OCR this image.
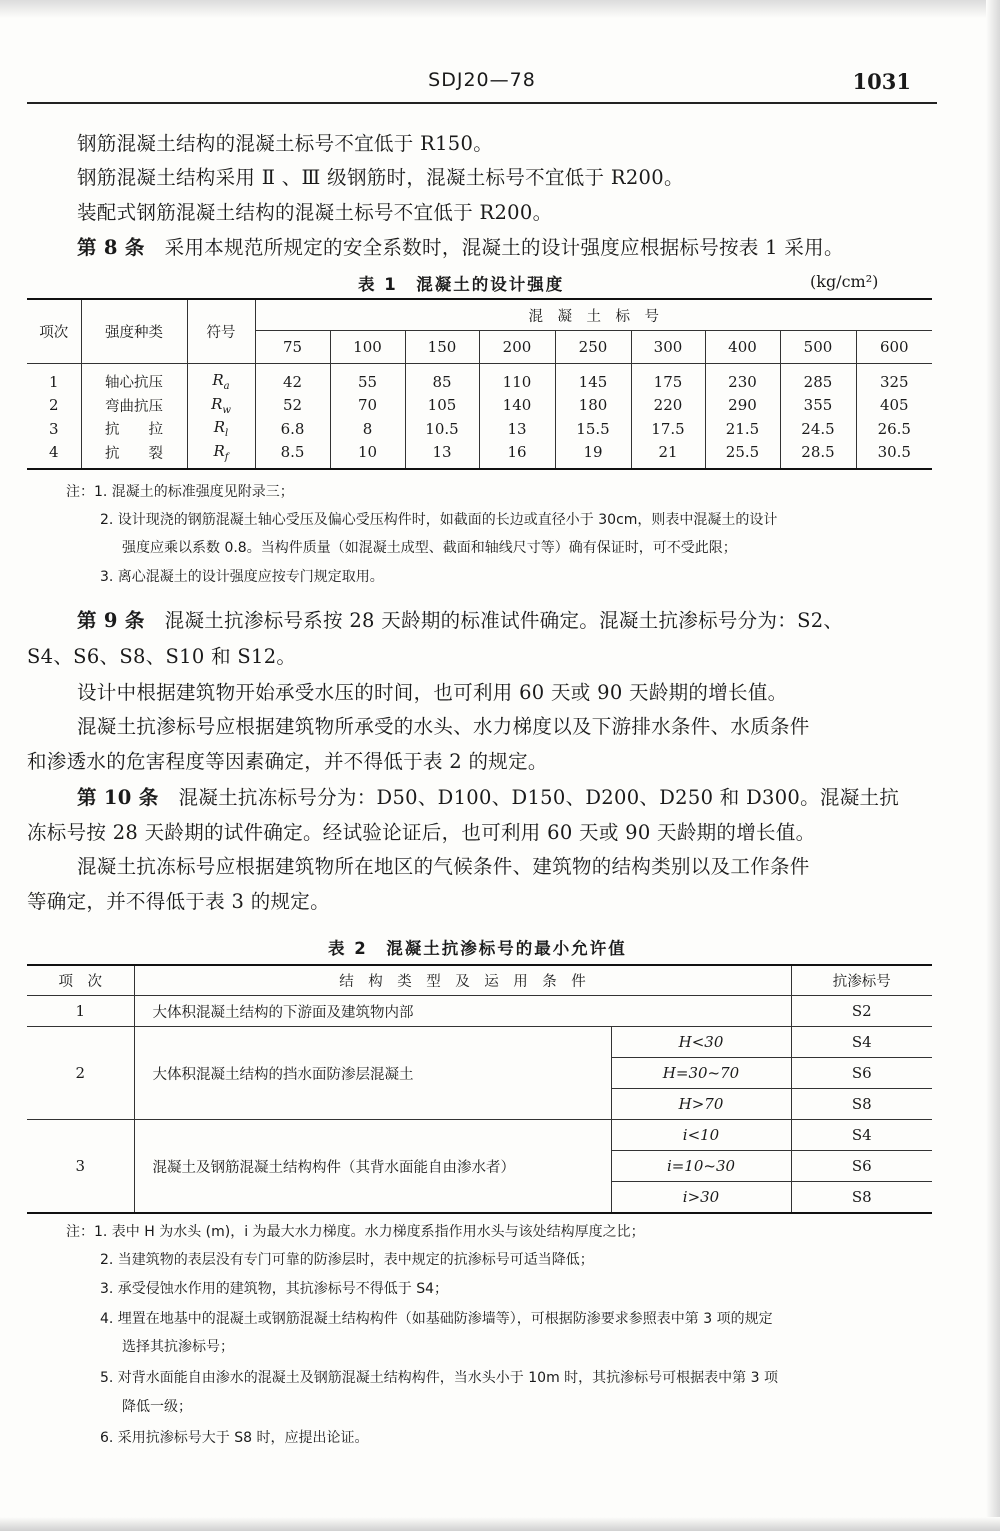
SDJ20—78	1031
钢筋混凝土结构的混凝土标号不宜低于 R150。
钢筋混凝土结构采用 Ⅱ 、Ⅲ 级钢筋时，混凝土标号不宜低于 R200。
装配式钢筋混凝土结构的混凝土标号不宜低于 R200。
第 8 条 采用本规范所规定的安全系数时，混凝土的设计强度应根据标号按表 1 采用。
表 1　混凝土的设计强度	(kg/cm²)
项次	强度种类	符号	混　凝　土　标　号								
			75	100	150	200	250	300	400	500	600
1	轴心抗压	$R_a$	42	55	85	110	145	175	230	285	325
2	弯曲抗压	$R_w$	52	70	105	140	180	220	290	355	405
3	抗　　拉	$R_l$	6.8	8	10.5	13	15.5	17.5	21.5	24.5	26.5
4	抗　　裂	$R_f$	8.5	10	13	16	19	21	25.5	28.5	30.5
注：1. 混凝土的标准强度见附录三；
2. 设计现浇的钢筋混凝土轴心受压及偏心受压构件时，如截面的长边或直径小于 30cm，则表中混凝土的设计
强度应乘以系数 0.8。当构件质量（如混凝土成型、截面和轴线尺寸等）确有保证时，可不受此限；
3. 离心混凝土的设计强度应按专门规定取用。
第 9 条 混凝土抗渗标号系按 28 天龄期的标准试件确定。混凝土抗渗标号分为：S2、
S4、S6、S8、S10 和 S12。
设计中根据建筑物开始承受水压的时间，也可利用 60 天或 90 天龄期的增长值。
混凝土抗渗标号应根据建筑物所承受的水头、水力梯度以及下游排水条件、水质条件
和渗透水的危害程度等因素确定，并不得低于表 2 的规定。
第 10 条 混凝土抗冻标号分为：D50、D100、D150、D200、D250 和 D300。混凝土抗
冻标号按 28 天龄期的试件确定。经试验论证后，也可利用 60 天或 90 天龄期的增长值。
混凝土抗冻标号应根据建筑物所在地区的气候条件、建筑物的结构类别以及工作条件
等确定，并不得低于表 3 的规定。
表 2　混凝土抗渗标号的最小允许值
项　次	结　构　类　型　及　运　用　条　件		抗渗标号
1	大体积混凝土结构的下游面及建筑物内部		S2
2	大体积混凝土结构的挡水面防渗层混凝土	H<30	S4
		H=30~70	S6
		H>70	S8
3	混凝土及钢筋混凝土结构构件（其背水面能自由渗水者）	i<10	S4
		i=10~30	S6
		i>30	S8
注：1. 表中 H 为水头 (m)，i 为最大水力梯度。水力梯度系指作用水头与该处结构厚度之比；
2. 当建筑物的表层没有专门可靠的防渗层时，表中规定的抗渗标号可适当降低；
3. 承受侵蚀水作用的建筑物，其抗渗标号不得低于 S4；
4. 埋置在地基中的混凝土或钢筋混凝土结构构件（如基础防渗墙等），可根据防渗要求参照表中第 3 项的规定
选择其抗渗标号；
5. 对背水面能自由渗水的混凝土及钢筋混凝土结构构件，当水头小于 10m 时，其抗渗标号可根据表中第 3 项
降低一级；
6. 采用抗渗标号大于 S8 时，应提出论证。
